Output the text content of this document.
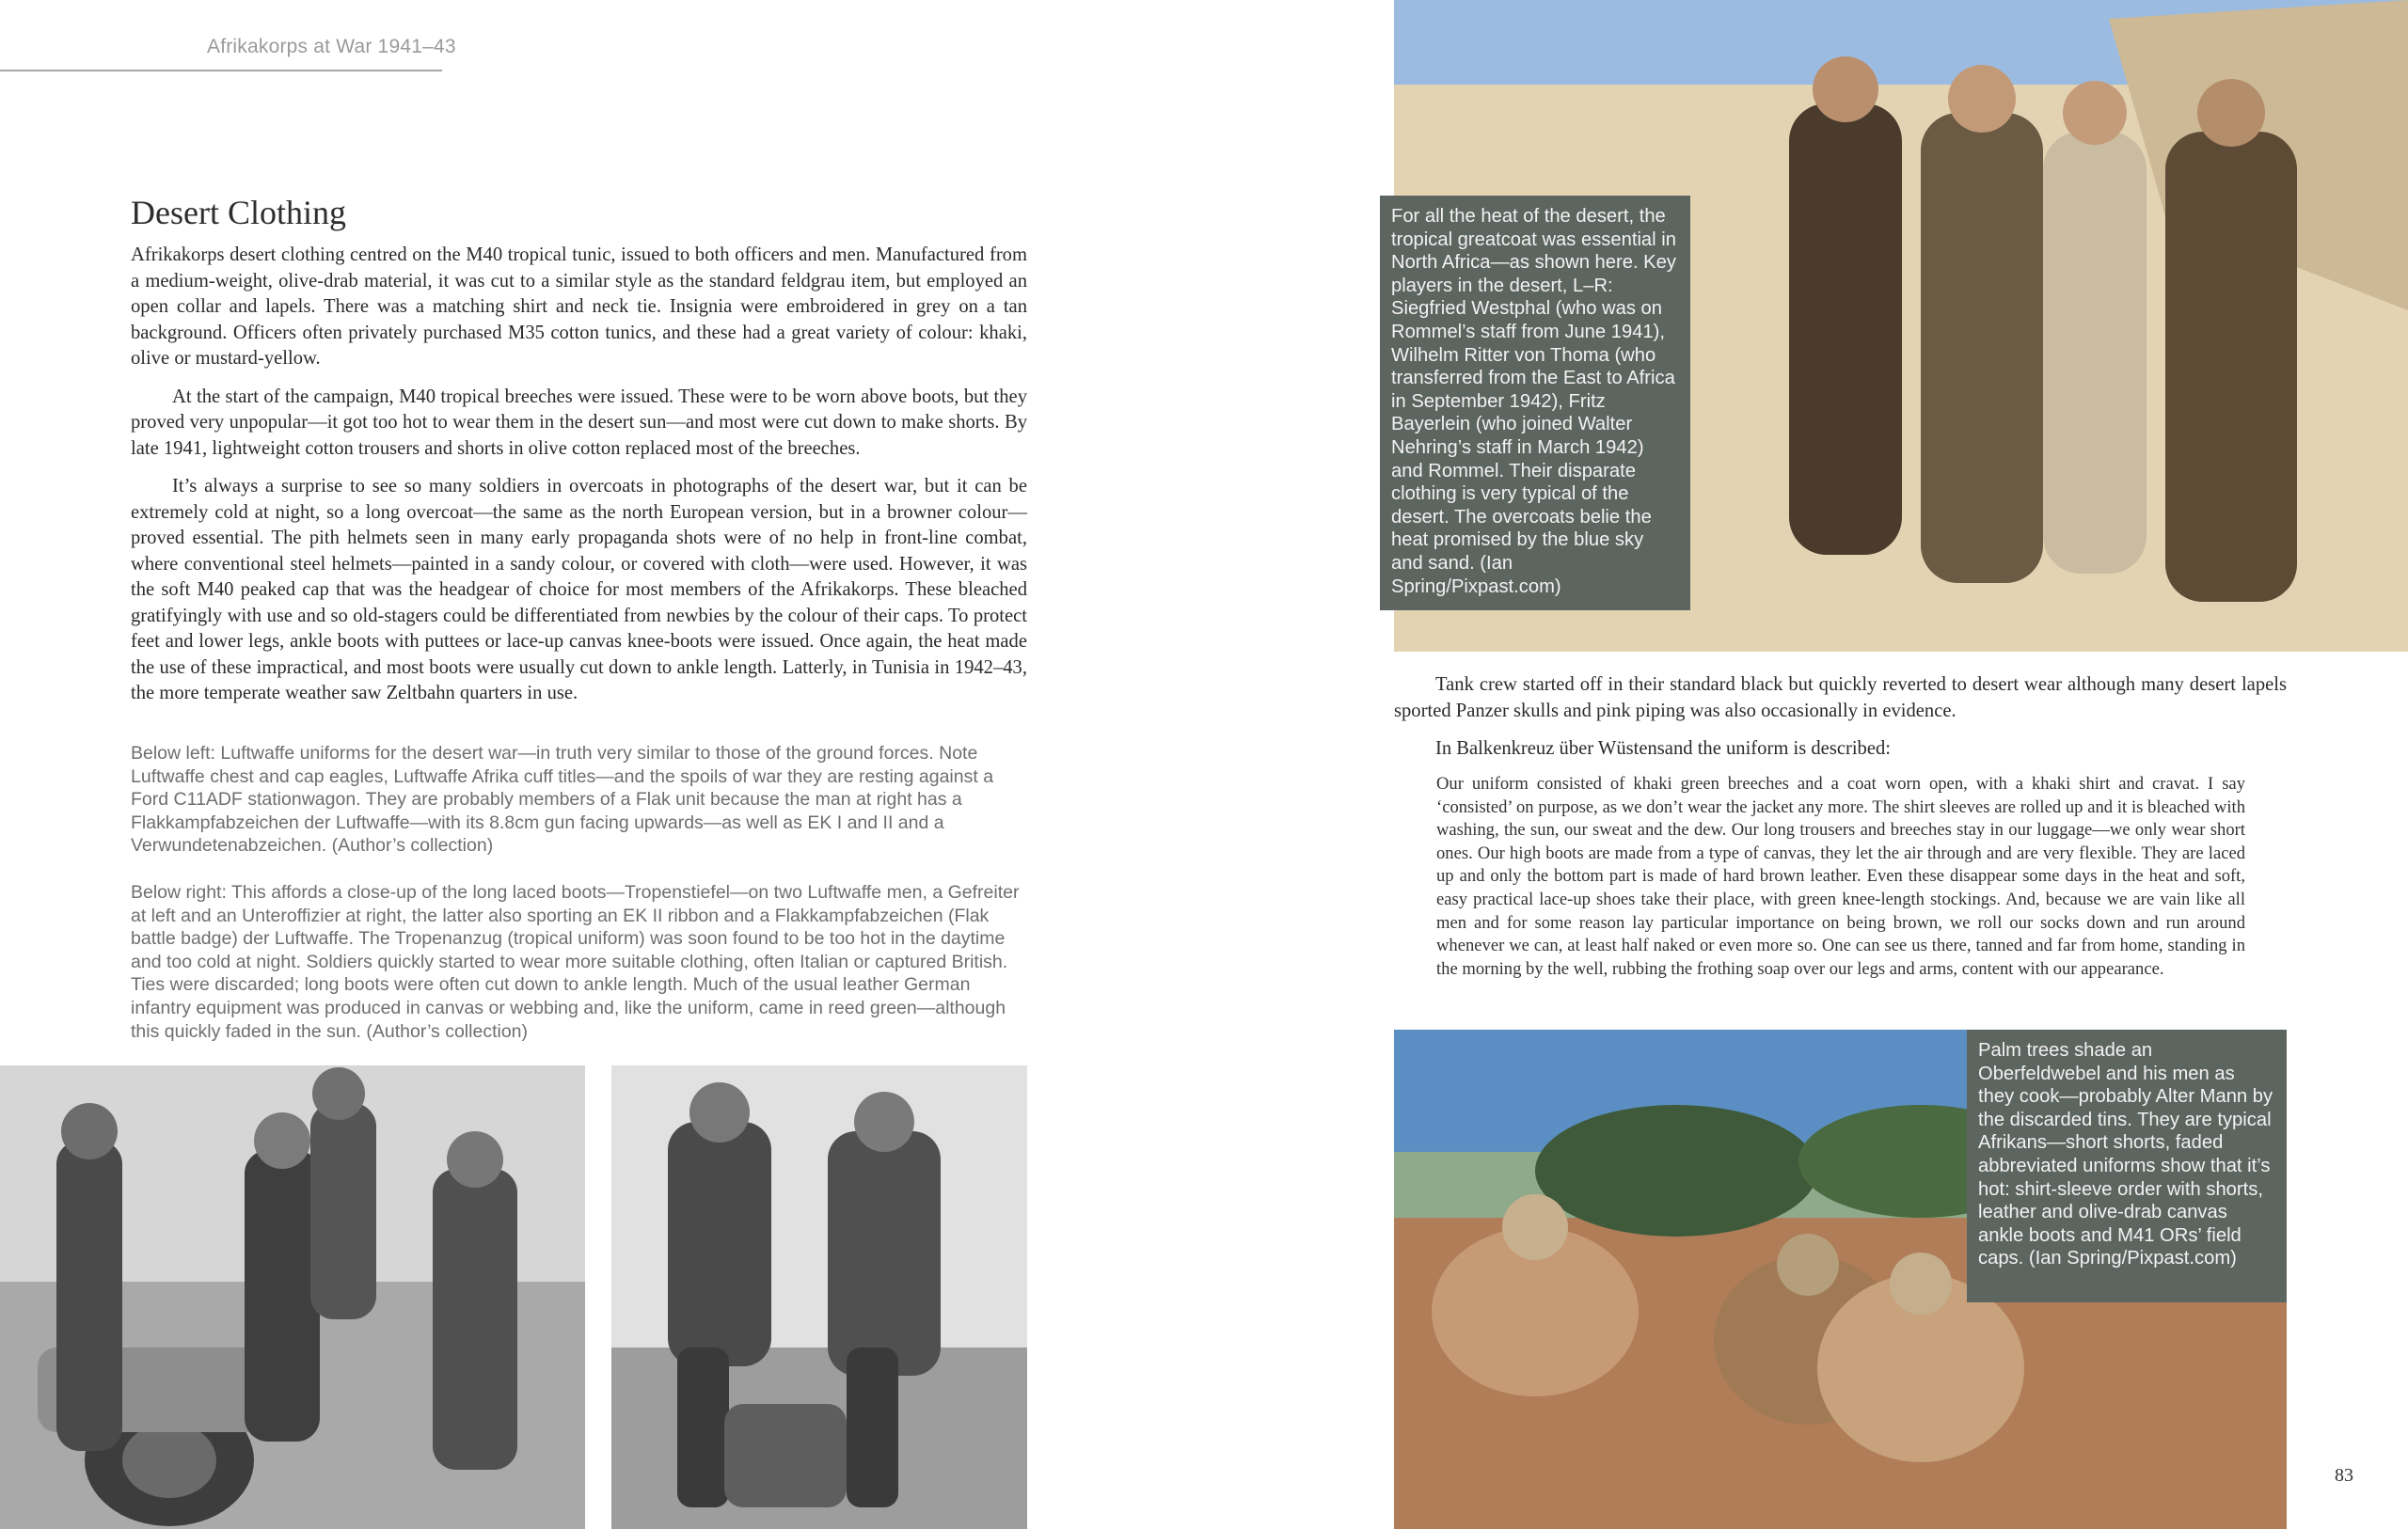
Afrikakorps at War 1941–43
Desert Clothing

Afrikakorps desert clothing centred on the M40 tropical tunic, issued to both officers and men. Manufactured from a medium-weight, olive-drab material, it was cut to a similar style as the standard feldgrau item, but employed an open collar and lapels. There was a matching shirt and neck tie. Insignia were embroidered in grey on a tan background. Officers often privately purchased M35 cotton tunics, and these had a great variety of colour: khaki, olive or mustard-yellow.

At the start of the campaign, M40 tropical breeches were issued. These were to be worn above boots, but they proved very unpopular—it got too hot to wear them in the desert sun—and most were cut down to make shorts. By late 1941, lightweight cotton trousers and shorts in olive cotton replaced most of the breeches.

It’s always a surprise to see so many soldiers in overcoats in photographs of the desert war, but it can be extremely cold at night, so a long overcoat—the same as the north European version, but in a browner colour—proved essential. The pith helmets seen in many early propaganda shots were of no help in front-line combat, where conventional steel helmets—painted in a sandy colour, or covered with cloth—were used. However, it was the soft M40 peaked cap that was the headgear of choice for most members of the Afrikakorps. These bleached gratifyingly with use and so old-stagers could be differentiated from newbies by the colour of their caps. To protect feet and lower legs, ankle boots with puttees or lace-up canvas knee-boots were issued. Once again, the heat made the use of these impractical, and most boots were usually cut down to ankle length. Latterly, in Tunisia in 1942–43, the more temperate weather saw Zeltbahn quarters in use.

Below left: Luftwaffe uniforms for the desert war—in truth very similar to those of the ground forces. Note Luftwaffe chest and cap eagles, Luftwaffe Afrika cuff titles—and the spoils of war they are resting against a Ford C11ADF stationwagon. They are probably members of a Flak unit because the man at right has a Flakkampfabzeichen der Luftwaffe—with its 8.8cm gun facing upwards—as well as EK I and II and a Verwundetenabzeichen. (Author’s collection)
Below right: This affords a close-up of the long laced boots—Tropenstiefel—on two Luftwaffe men, a Gefreiter at left and an Unteroffizier at right, the latter also sporting an EK II ribbon and a Flakkampfabzeichen (Flak battle badge) der Luftwaffe. The Tropenanzug (tropical uniform) was soon found to be too hot in the daytime and too cold at night. Soldiers quickly started to wear more suitable clothing, often Italian or captured British. Ties were discarded; long boots were often cut down to ankle length. Much of the usual leather German infantry equipment was produced in canvas or webbing and, like the uniform, came in reed green—although this quickly faded in the sun. (Author’s collection)
For all the heat of the desert, the tropical greatcoat was essential in North Africa—as shown here. Key players in the desert, L–R: Siegfried Westphal (who was on Rommel’s staff from June 1941), Wilhelm Ritter von Thoma (who transferred from the East to Africa in September 1942), Fritz Bayerlein (who joined Walter Nehring’s staff in March 1942) and Rommel. Their disparate clothing is very typical of the desert. The overcoats belie the heat promised by the blue sky and sand. (Ian Spring/Pixpast.com)
Palm trees shade an Oberfeldwebel and his men as they cook—probably Alter Mann by the discarded tins. They are typical Afrikans—short shorts, faded abbreviated uniforms show that it’s hot: shirt-sleeve order with shorts, leather and olive-drab canvas ankle boots and M41 ORs’ field caps. (Ian Spring/Pixpast.com)

Tank crew started off in their standard black but quickly reverted to desert wear although many desert lapels sported Panzer skulls and pink piping was also occasionally in evidence.

In Balkenkreuz über Wüstensand the uniform is described:

Our uniform consisted of khaki green breeches and a coat worn open, with a khaki shirt and cravat. I say ‘consisted’ on purpose, as we don’t wear the jacket any more. The shirt sleeves are rolled up and it is bleached with washing, the sun, our sweat and the dew. Our long trousers and breeches stay in our luggage—we only wear short ones. Our high boots are made from a type of canvas, they let the air through and are very flexible. They are laced up and only the bottom part is made of hard brown leather. Even these disappear some days in the heat and soft, easy practical lace-up shoes take their place, with green knee-length stockings. And, because we are vain like all men and for some reason lay particular importance on being brown, we roll our socks down and run around whenever we can, at least half naked or even more so. One can see us there, tanned and far from home, standing in the morning by the well, rubbing the frothing soap over our legs and arms, content with our appearance.
83
